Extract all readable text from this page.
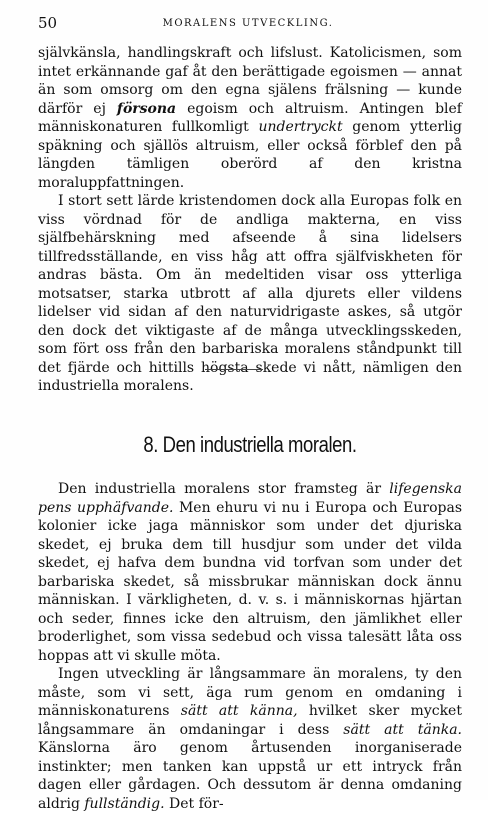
50	MORALENS UTVECKLING.

självkänsla, handlingskraft och lifslust. Katolicismen, som intet erkännande gaf åt den berättigade egoismen — annat än som omsorg om den egna själens frälsning — kunde därför ej försona egoism och altruism. Antingen blef människonaturen fullkomligt undertryckt genom ytterlig späkning och själlös altruism, eller också förblef den på längden tämligen oberörd af den kristna moraluppfattningen.

I stort sett lärde kristendomen dock alla Europas folk en viss vördnad för de andliga makterna, en viss själfbehärskning med afseende å sina lidelsers tillfredsställande, en viss håg att offra själfviskheten för andras bästa. Om än medeltiden visar oss ytterliga motsatser, starka utbrott af alla djurets eller vildens lidelser vid sidan af den naturvidrigaste askes, så utgör den dock det viktigaste af de många utvecklingsskeden, som fört oss från den barbariska moralens ståndpunkt till det fjärde och hittills högsta skede vi nått, nämligen den industriella moralens.

8. Den industriella moralen.

Den industriella moralens stor framsteg är lifegenska pens upphäfvande. Men ehuru vi nu i Europa och Europas kolonier icke jaga människor som under det djuriska skedet, ej bruka dem till husdjur som under det vilda skedet, ej hafva dem bundna vid torfvan som under det barbariska skedet, så missbrukar människan dock ännu människan. I värkligheten, d. v. s. i människornas hjärtan och seder, finnes icke den altruism, den jämlikhet eller broderlighet, som vissa sedebud och vissa talesätt låta oss hoppas att vi skulle möta.

Ingen utveckling är långsammare än moralens, ty den måste, som vi sett, äga rum genom en omdaning i människonaturens sätt att känna, hvilket sker mycket långsammare än omdaningar i dess sätt att tänka. Känslorna äro genom årtusenden inorganiserade instinkter; men tanken kan uppstå ur ett intryck från dagen eller gårdagen. Och dessutom är denna omdaning aldrig fullständig. Det för-
